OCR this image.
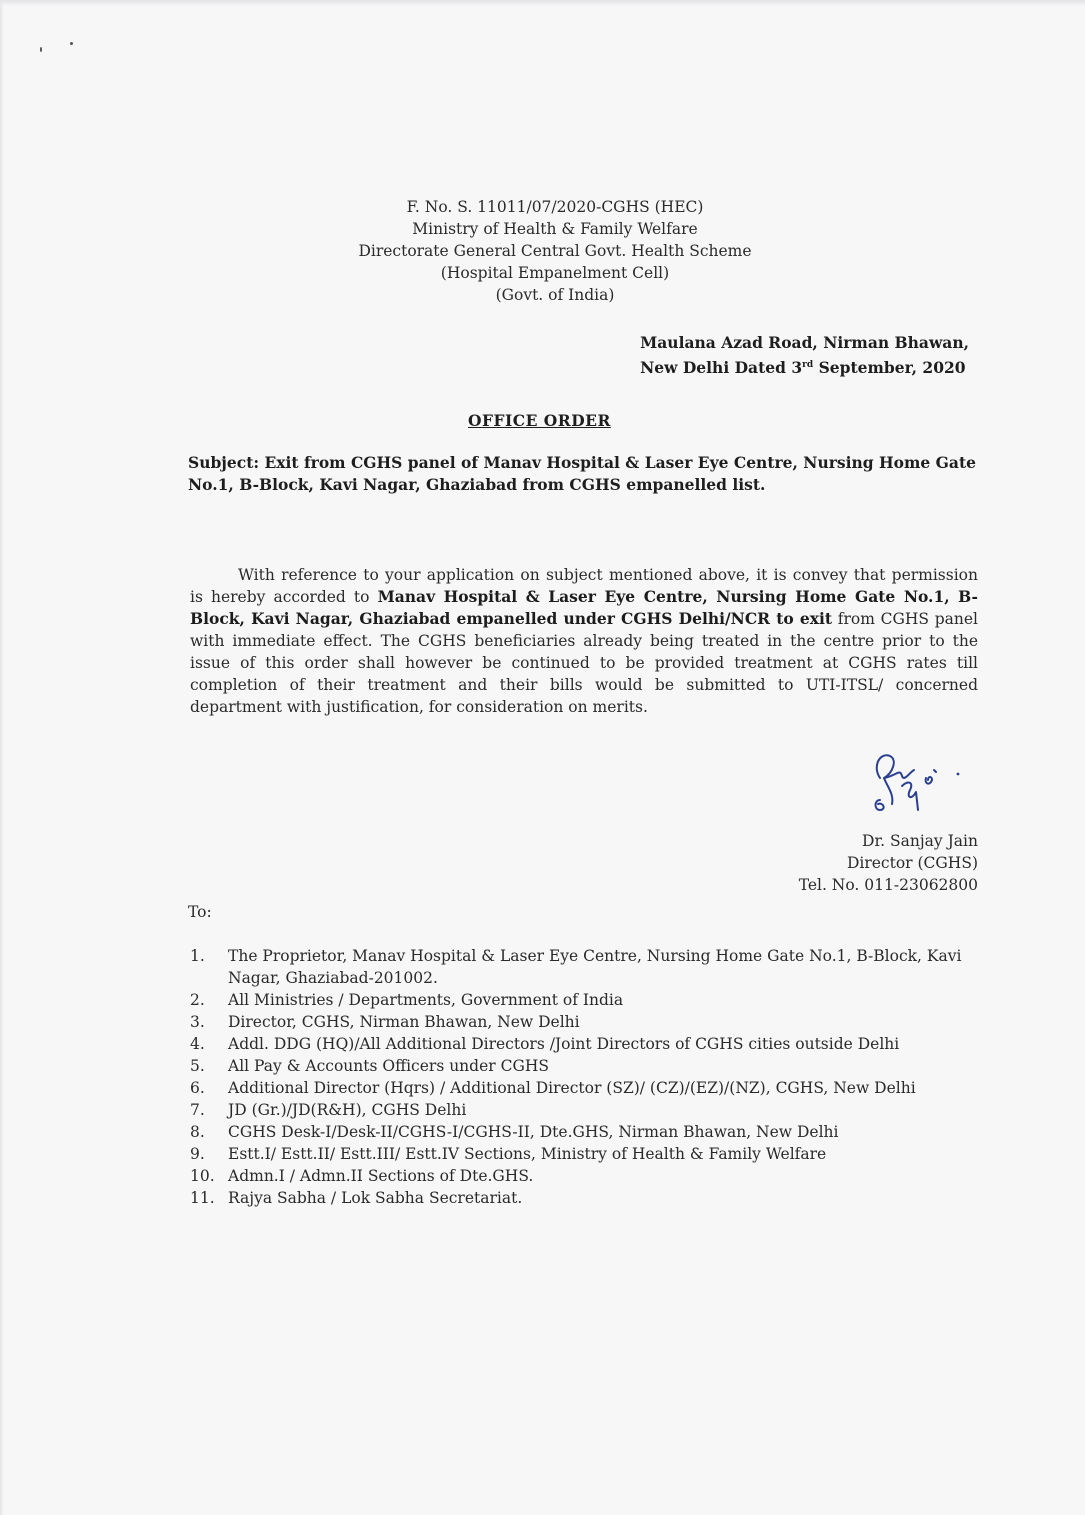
F. No. S. 11011/07/2020-CGHS (HEC)
Ministry of Health & Family Welfare
Directorate General Central Govt. Health Scheme
(Hospital Empanelment Cell)
(Govt. of India)
Maulana Azad Road, Nirman Bhawan,
New Delhi Dated 3rd September, 2020
OFFICE ORDER
Subject: Exit from CGHS panel of Manav Hospital & Laser Eye Centre, Nursing Home Gate No.1, B-Block, Kavi Nagar, Ghaziabad from CGHS empanelled list.
With reference to your application on subject mentioned above, it is convey that permission is hereby accorded to Manav Hospital & Laser Eye Centre, Nursing Home Gate No.1, B-Block, Kavi Nagar, Ghaziabad empanelled under CGHS Delhi/NCR to exit from CGHS panel with immediate effect. The CGHS beneficiaries already being treated in the centre prior to the issue of this order shall however be continued to be provided treatment at CGHS rates till completion of their treatment and their bills would be submitted to UTI-ITSL/ concerned department with justification, for consideration on merits.
Dr. Sanjay Jain
Director (CGHS)
Tel. No. 011-23062800
To:
1.	The Proprietor, Manav Hospital & Laser Eye Centre, Nursing Home Gate No.1, B-Block, Kavi Nagar, Ghaziabad-201002.
2.	All Ministries / Departments, Government of India
3.	Director, CGHS, Nirman Bhawan, New Delhi
4.	Addl. DDG (HQ)/All Additional Directors /Joint Directors of CGHS cities outside Delhi
5.	All Pay & Accounts Officers under CGHS
6.	Additional Director (Hqrs) / Additional Director (SZ)/ (CZ)/(EZ)/(NZ), CGHS, New Delhi
7.	JD (Gr.)/JD(R&H), CGHS Delhi
8.	CGHS Desk-I/Desk-II/CGHS-I/CGHS-II, Dte.GHS, Nirman Bhawan, New Delhi
9.	Estt.I/ Estt.II/ Estt.III/ Estt.IV Sections, Ministry of Health & Family Welfare
10. Admn.I / Admn.II Sections of Dte.GHS.
11. Rajya Sabha / Lok Sabha Secretariat.
